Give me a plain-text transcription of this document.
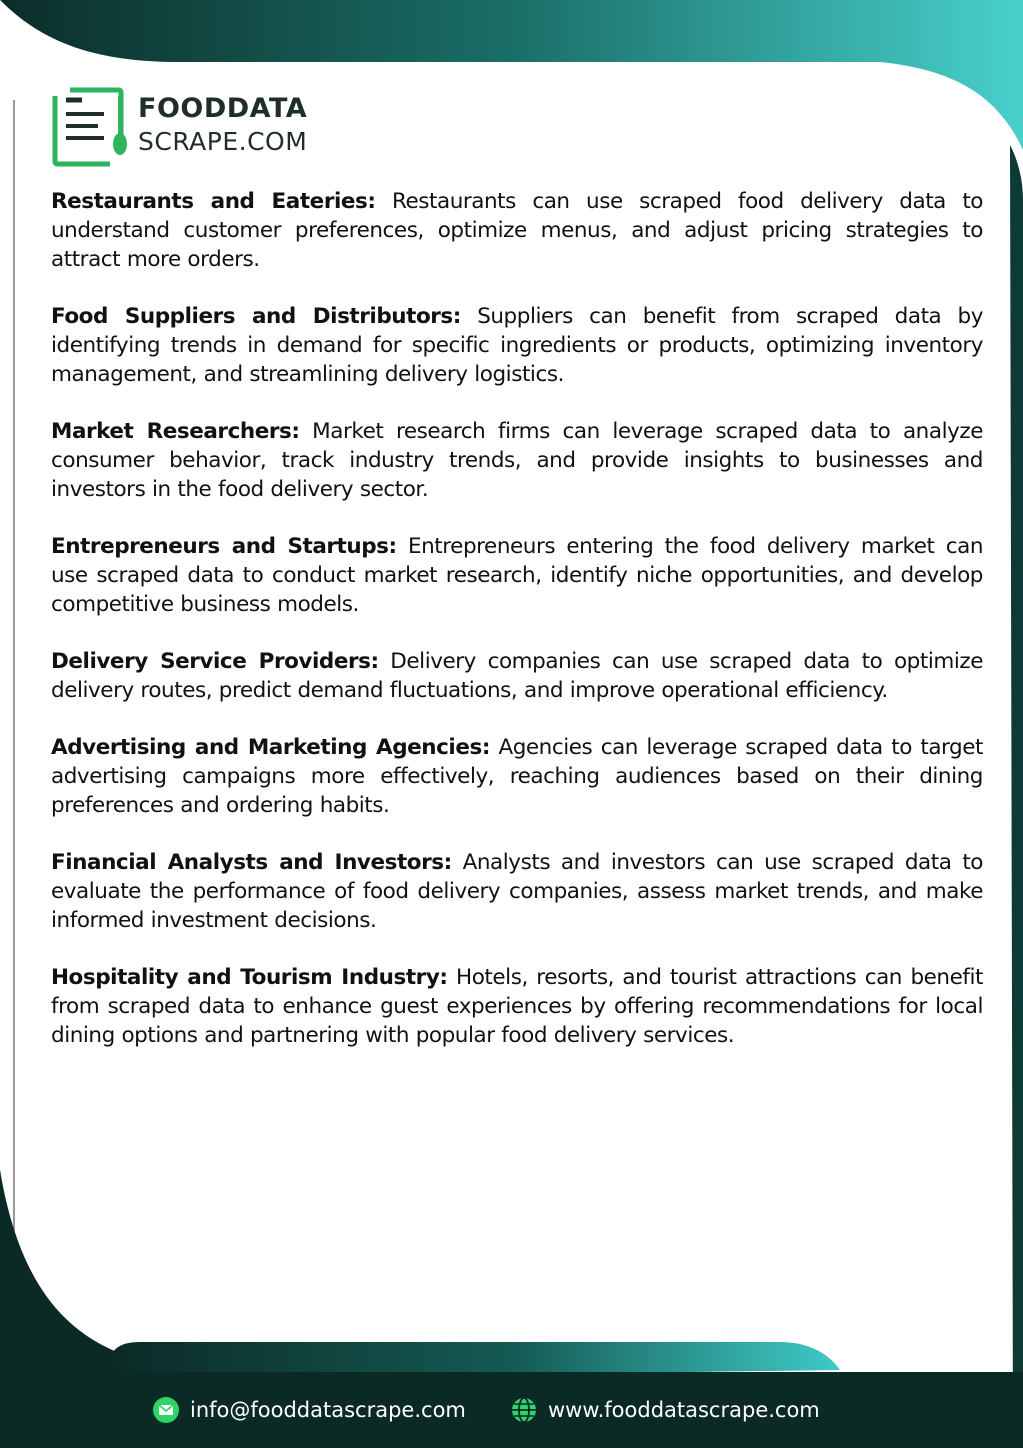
FOODDATA
SCRAPE.COM

Restaurants and Eateries: Restaurants can use scraped food delivery data to understand customer preferences, optimize menus, and adjust pricing strategies to attract more orders.

Food Suppliers and Distributors: Suppliers can benefit from scraped data by identifying trends in demand for specific ingredients or products, optimizing inventory management, and streamlining delivery logistics.

Market Researchers: Market research firms can leverage scraped data to analyze consumer behavior, track industry trends, and provide insights to businesses and investors in the food delivery sector.

Entrepreneurs and Startups: Entrepreneurs entering the food delivery market can use scraped data to conduct market research, identify niche opportunities, and develop competitive business models.

Delivery Service Providers: Delivery companies can use scraped data to optimize delivery routes, predict demand fluctuations, and improve operational efficiency.

Advertising and Marketing Agencies: Agencies can leverage scraped data to target advertising campaigns more effectively, reaching audiences based on their dining preferences and ordering habits.

Financial Analysts and Investors: Analysts and investors can use scraped data to evaluate the performance of food delivery companies, assess market trends, and make informed investment decisions.

Hospitality and Tourism Industry: Hotels, resorts, and tourist attractions can benefit from scraped data to enhance guest experiences by offering recommendations for local dining options and partnering with popular food delivery services.

info@fooddatascrape.com	www.fooddatascrape.com
